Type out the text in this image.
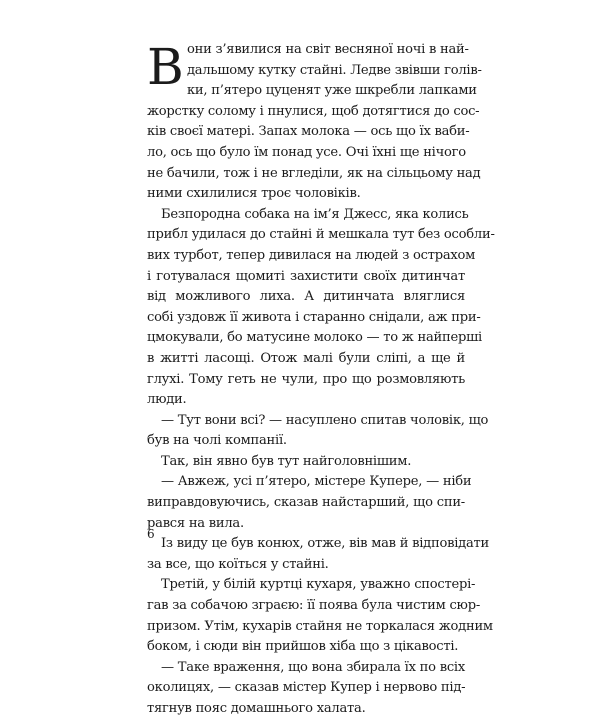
В они з’явилися на світ весняної ночі в най-
дальшому кутку стайні. Ледве звівши голів-
ки, п’ятеро цуценят уже шкребли лапками
жорстку солому і пнулися, щоб дотягтися до сос-
ків своєї матері. Запах молока — ось що їх ваби-
ло, ось що було їм понад усе. Очі їхні ще нічого
не бачили, тож і не вгледіли, як на сільцьому над
ними схилилися троє чоловіків.
Безпородна собака на ім’я Джесс, яка колись
прибл удилася до стайні й мешкала тут без особли-
вих турбот, тепер дивилася на людей з острахом
і готувалася щомиті захистити своїх дитинчат
від можливого лиха. А дитинчата вляглися
собі уздовж її живота і старанно снідали, аж при-
цмокували, бо матусине молоко — то ж найперші
в житті ласощі. Отож малі були сліпі, а ще й
глухі. Тому геть не чули, про що розмовляють
люди.
— Тут вони всі? — насуплено спитав чоловік, що
був на чолі компанії.
Так, він явно був тут найголовнішим.
— Авжеж, усі п’ятеро, містере Купере, — ніби
виправдовуючись, сказав найстарший, що спи-
рався на вила.
Із виду це був конюх, отже, вів мав й відповідати
за все, що коїться у стайні.
Третій, у білій куртці кухаря, уважно спостері-
гав за собачою зграєю: її поява була чистим сюр-
призом. Утім, кухарів стайня не торкалася жодним
боком, і сюди він прийшов хіба що з цікавості.
— Таке враження, що вона збирала їх по всіх
околицях, — сказав містер Купер і нервово під-
тягнув пояс домашнього халата.
6
